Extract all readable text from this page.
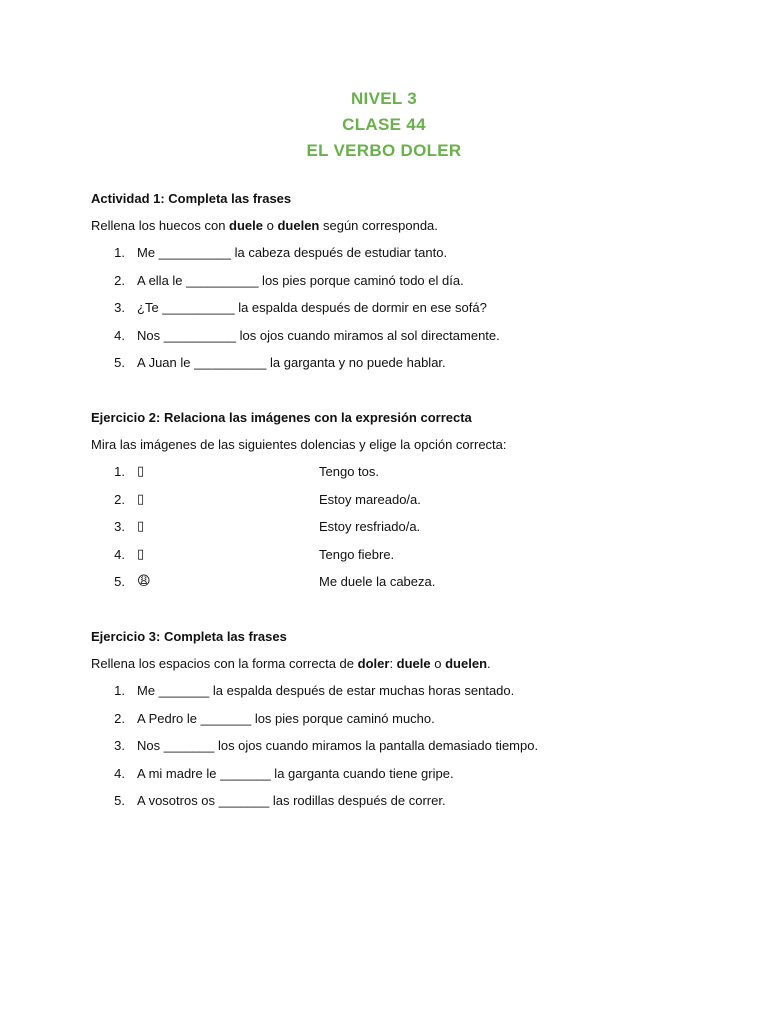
NIVEL 3
CLASE 44
EL VERBO DOLER

Actividad 1: Completa las frases

Rellena los huecos con duele o duelen según corresponda.
1. Me __________ la cabeza después de estudiar tanto.
2. A ella le __________ los pies porque caminó todo el día.
3. ¿Te __________ la espalda después de dormir en ese sofá?
4. Nos __________ los ojos cuando miramos al sol directamente.
5. A Juan le __________ la garganta y no puede hablar.

Ejercicio 2: Relaciona las imágenes con la expresión correcta

Mira las imágenes de las siguientes dolencias y elige la opción correcta:
1. ▯	Tengo tos.
2. ▯	Estoy mareado/a.
3. ▯	Estoy resfriado/a.
4. ▯	Tengo fiebre.
5. 😩	Me duele la cabeza.

Ejercicio 3: Completa las frases

Rellena los espacios con la forma correcta de doler: duele o duelen.
1. Me _______ la espalda después de estar muchas horas sentado.
2. A Pedro le _______ los pies porque caminó mucho.
3. Nos _______ los ojos cuando miramos la pantalla demasiado tiempo.
4. A mi madre le _______ la garganta cuando tiene gripe.
5. A vosotros os _______ las rodillas después de correr.
